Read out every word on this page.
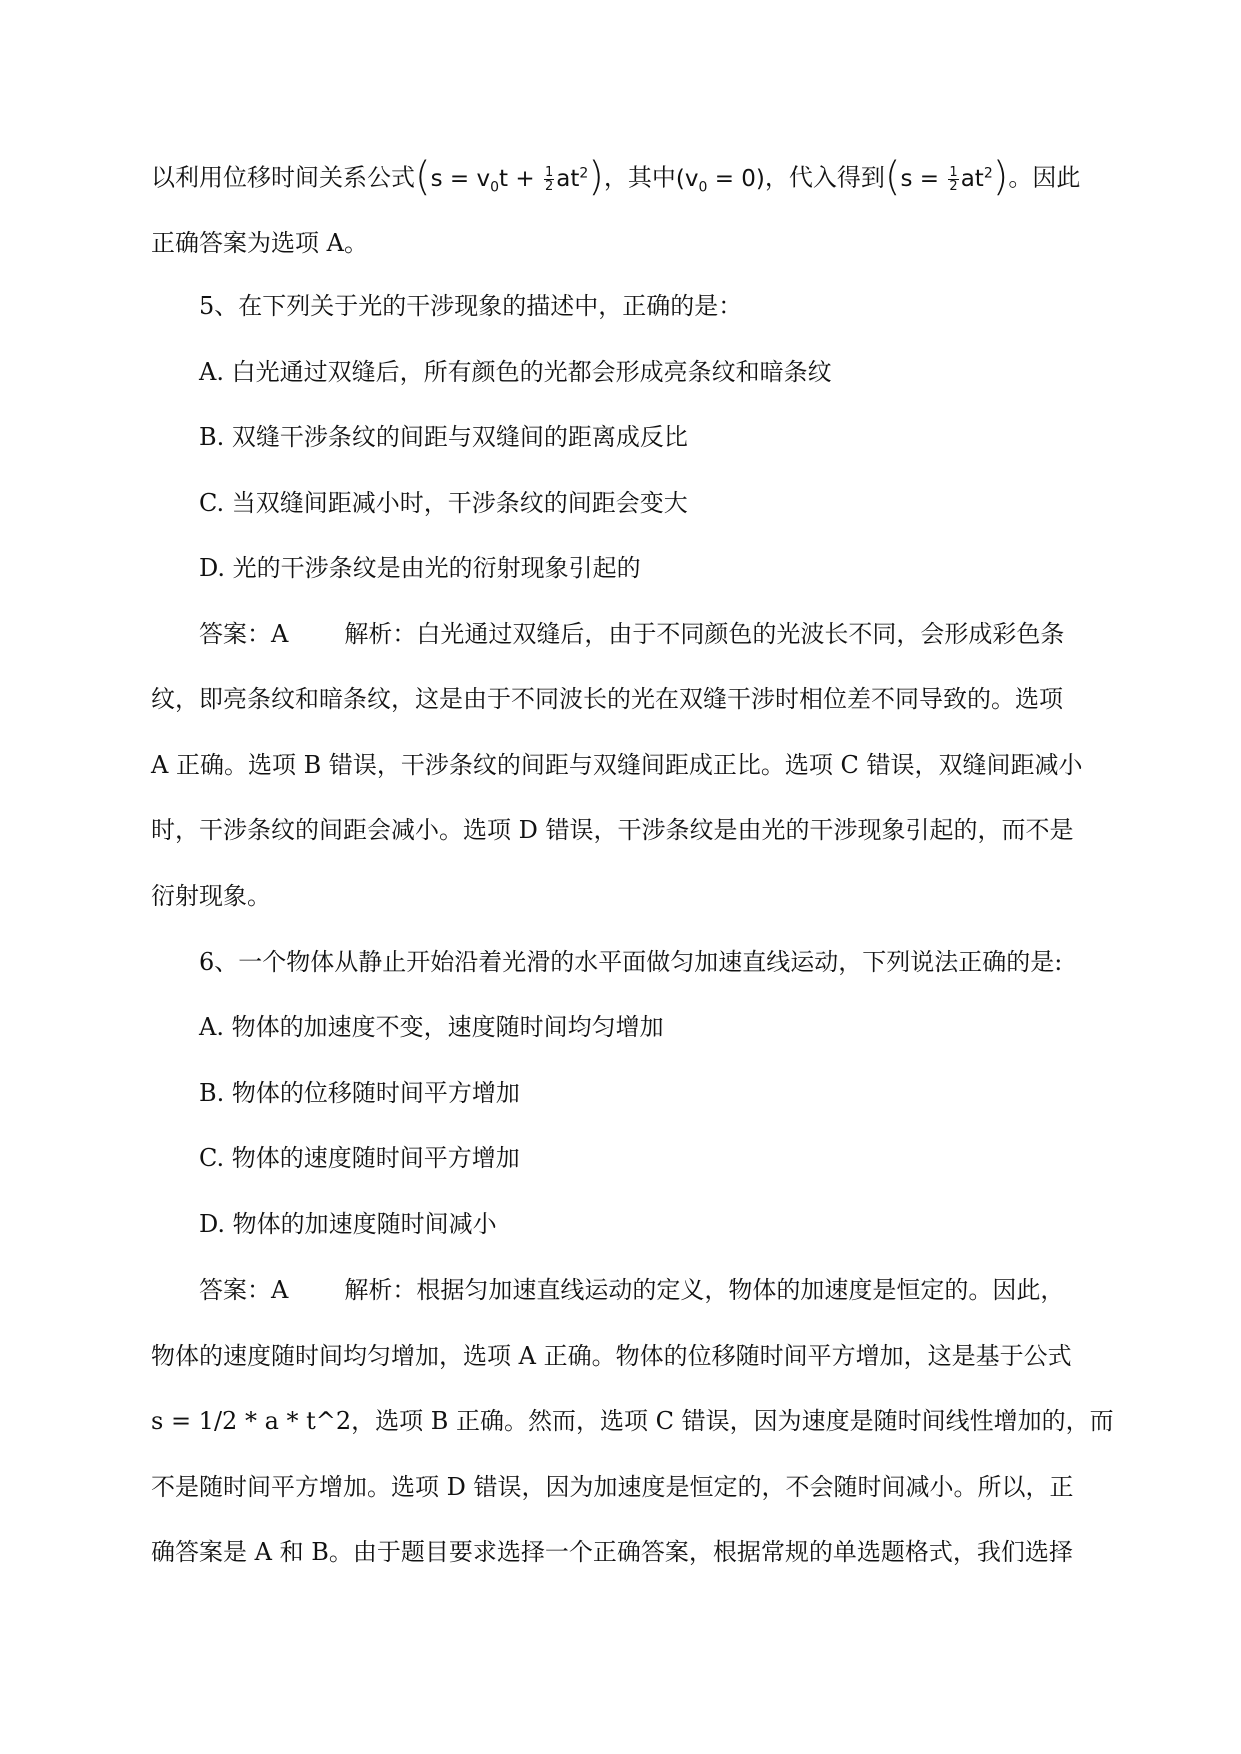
以利用位移时间关系公式$(s = v_0t + \frac{1}{2} at^2)$，其中$(v_0 = 0)$，代入得到$(s = \frac{1}{2} at^2)$。因此
正确答案为选项 A。
5、在下列关于光的干涉现象的描述中，正确的是：
A. 白光通过双缝后，所有颜色的光都会形成亮条纹和暗条纹
B. 双缝干涉条纹的间距与双缝间的距离成反比
C. 当双缝间距减小时，干涉条纹的间距会变大
D. 光的干涉条纹是由光的衍射现象引起的
答案：A 解析：白光通过双缝后，由于不同颜色的光波长不同，会形成彩色条
纹，即亮条纹和暗条纹，这是由于不同波长的光在双缝干涉时相位差不同导致的。选项
A 正确。选项 B 错误，干涉条纹的间距与双缝间距成正比。选项 C 错误，双缝间距减小
时，干涉条纹的间距会减小。选项 D 错误，干涉条纹是由光的干涉现象引起的，而不是
衍射现象。
6、一个物体从静止开始沿着光滑的水平面做匀加速直线运动，下列说法正确的是:
A. 物体的加速度不变，速度随时间均匀增加
B. 物体的位移随时间平方增加
C. 物体的速度随时间平方增加
D. 物体的加速度随时间减小
答案：A 解析：根据匀加速直线运动的定义，物体的加速度是恒定的。因此，
物体的速度随时间均匀增加，选项 A 正确。物体的位移随时间平方增加，这是基于公式
s = 1/2 * a * t^2，选项 B 正确。然而，选项 C 错误，因为速度是随时间线性增加的，而
不是随时间平方增加。选项 D 错误，因为加速度是恒定的，不会随时间减小。所以，正
确答案是 A 和 B。由于题目要求选择一个正确答案，根据常规的单选题格式，我们选择
